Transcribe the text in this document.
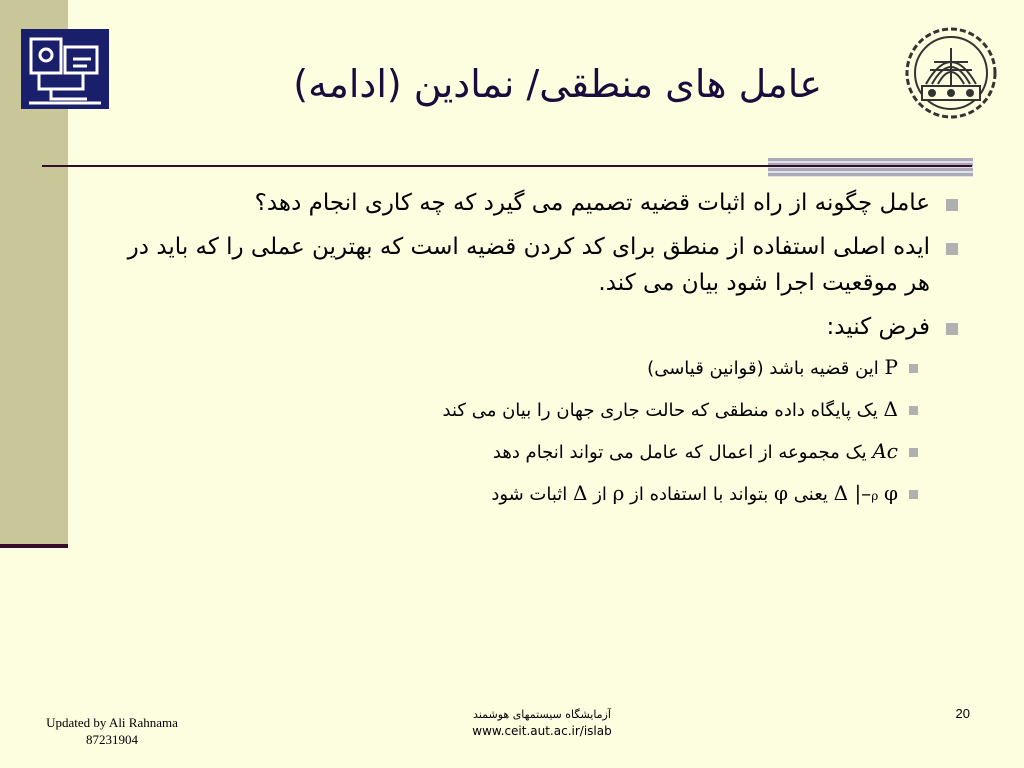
عامل های منطقی/ نمادین (ادامه)
عامل چگونه از راه اثبات قضیه تصمیم می گیرد که چه کاری انجام دهد؟
ایده اصلی استفاده از منطق برای کد کردن قضیه است که بهترین عملی را که باید در هر موقعیت اجرا شود بیان می کند.
فرض کنید:
P این قضیه باشد (قوانین قیاسی)
Δ یک پایگاه داده منطقی که حالت جاری جهان را بیان می کند
Ac یک مجموعه از اعمال که عامل می تواند انجام دهد
Δ |–ρ φ یعنی φ بتواند با استفاده از ρ از Δ اثبات شود
Updated by Ali Rahnama
87231904
آزمایشگاه سیستمهای هوشمند
www.ceit.aut.ac.ir/islab
20
